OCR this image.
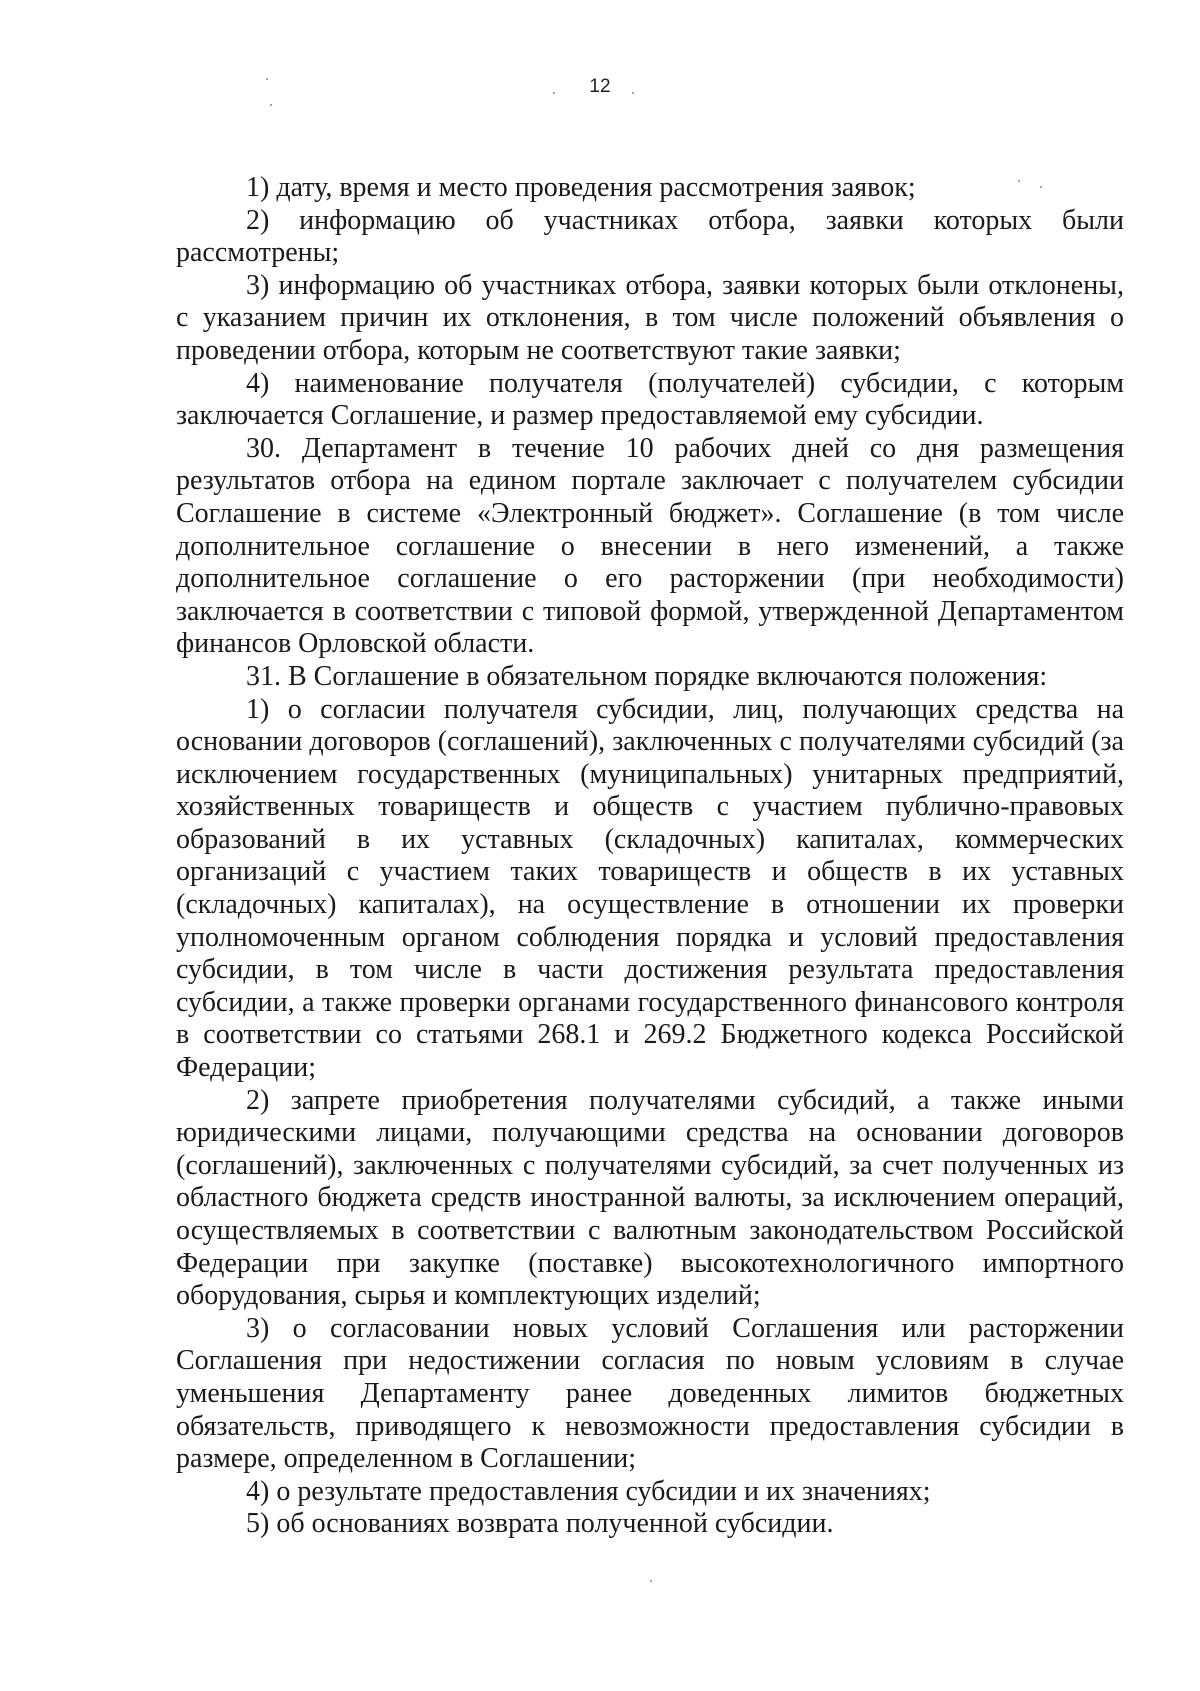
12

1) дату, время и место проведения рассмотрения заявок;

2) информацию об участниках отбора, заявки которых были рассмотрены;

3) информацию об участниках отбора, заявки которых были отклонены, с указанием причин их отклонения, в том числе положений объявления о проведении отбора, которым не соответствуют такие заявки;

4) наименование получателя (получателей) субсидии, с которым заключается Соглашение, и размер предоставляемой ему субсидии.

30. Департамент в течение 10 рабочих дней со дня размещения результатов отбора на едином портале заключает с получателем субсидии Соглашение в системе «Электронный бюджет». Соглашение (в том числе дополнительное соглашение о внесении в него изменений, а также дополнительное соглашение о его расторжении (при необходимости) заключается в соответствии с типовой формой, утвержденной Департаментом финансов Орловской области.

31. В Соглашение в обязательном порядке включаются положения:

1) о согласии получателя субсидии, лиц, получающих средства на основании договоров (соглашений), заключенных с получателями субсидий (за исключением государственных (муниципальных) унитарных предприятий, хозяйственных товариществ и обществ с участием публично-правовых образований в их уставных (складочных) капиталах, коммерческих организаций с участием таких товариществ и обществ в их уставных (складочных) капиталах), на осуществление в отношении их проверки уполномоченным органом соблюдения порядка и условий предоставления субсидии, в том числе в части достижения результата предоставления субсидии, а также проверки органами государственного финансового контроля в соответствии со статьями 268.1 и 269.2 Бюджетного кодекса Российской Федерации;

2) запрете приобретения получателями субсидий, а также иными юридическими лицами, получающими средства на основании договоров (соглашений), заключенных с получателями субсидий, за счет полученных из областного бюджета средств иностранной валюты, за исключением операций, осуществляемых в соответствии с валютным законодательством Российской Федерации при закупке (поставке) высокотехнологичного импортного оборудования, сырья и комплектующих изделий;

3) о согласовании новых условий Соглашения или расторжении Соглашения при недостижении согласия по новым условиям в случае уменьшения Департаменту ранее доведенных лимитов бюджетных обязательств, приводящего к невозможности предоставления субсидии в размере, определенном в Соглашении;

4) о результате предоставления субсидии и их значениях;

5) об основаниях возврата полученной субсидии.
